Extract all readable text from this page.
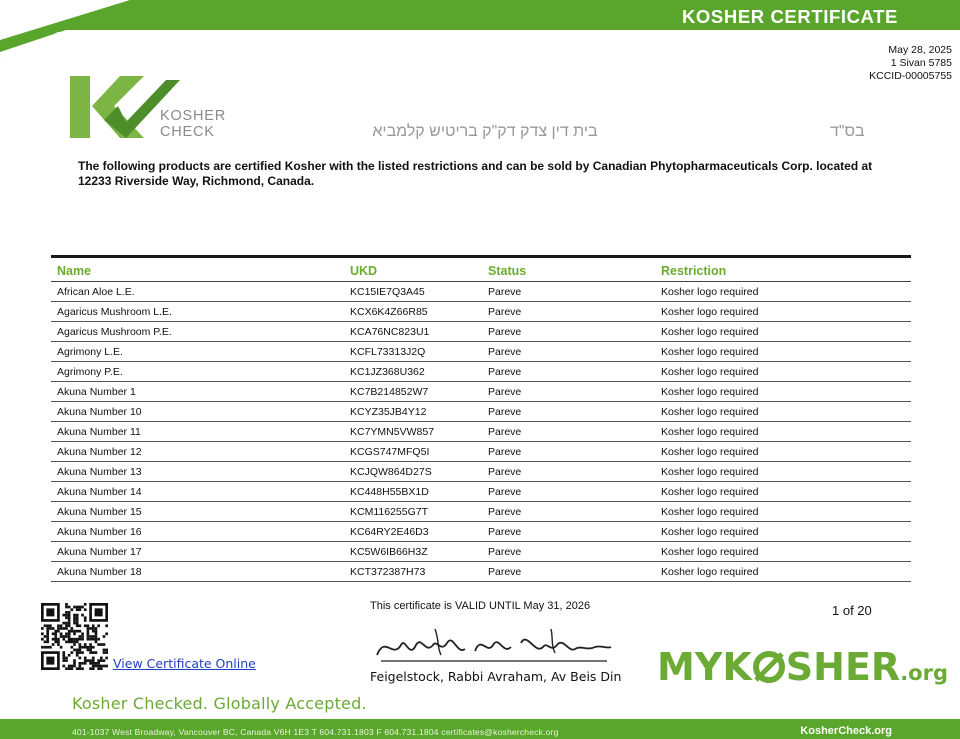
KOSHER CERTIFICATE
May 28, 2025
1 Sivan 5785
KCCID-00005755
KOSHER
CHECK	בית דין צדק דק"ק בריטיש קלמביא	בס"ד
The following products are certified Kosher with the listed restrictions and can be sold by Canadian Phytopharmaceuticals Corp. located at 12233 Riverside Way, Richmond, Canada.
Name	UKD	Status	Restriction
African Aloe L.E.	KC15IE7Q3A45	Pareve	Kosher logo required
Agaricus Mushroom L.E.	KCX6K4Z66R85	Pareve	Kosher logo required
Agaricus Mushroom P.E.	KCA76NC823U1	Pareve	Kosher logo required
Agrimony L.E.	KCFL73313J2Q	Pareve	Kosher logo required
Agrimony P.E.	KC1JZ368U362	Pareve	Kosher logo required
Akuna Number 1	KC7B214852W7	Pareve	Kosher logo required
Akuna Number 10	KCYZ35JB4Y12	Pareve	Kosher logo required
Akuna Number 11	KC7YMN5VW857	Pareve	Kosher logo required
Akuna Number 12	KCGS747MFQ5I	Pareve	Kosher logo required
Akuna Number 13	KCJQW864D27S	Pareve	Kosher logo required
Akuna Number 14	KC448H55BX1D	Pareve	Kosher logo required
Akuna Number 15	KCM116255G7T	Pareve	Kosher logo required
Akuna Number 16	KC64RY2E46D3	Pareve	Kosher logo required
Akuna Number 17	KC5W6IB66H3Z	Pareve	Kosher logo required
Akuna Number 18	KCT372387H73	Pareve	Kosher logo required
View Certificate Online
This certificate is VALID UNTIL May 31, 2026	1 of 20
Feigelstock, Rabbi Avraham, Av Beis Din MYK SHER.org
Kosher Checked. Globally Accepted.
401-1037 West Broadway, Vancouver BC, Canada V6H 1E3 T 604.731.1803 F 604.731.1804 certificates@koshercheck.org	KosherCheck.org
